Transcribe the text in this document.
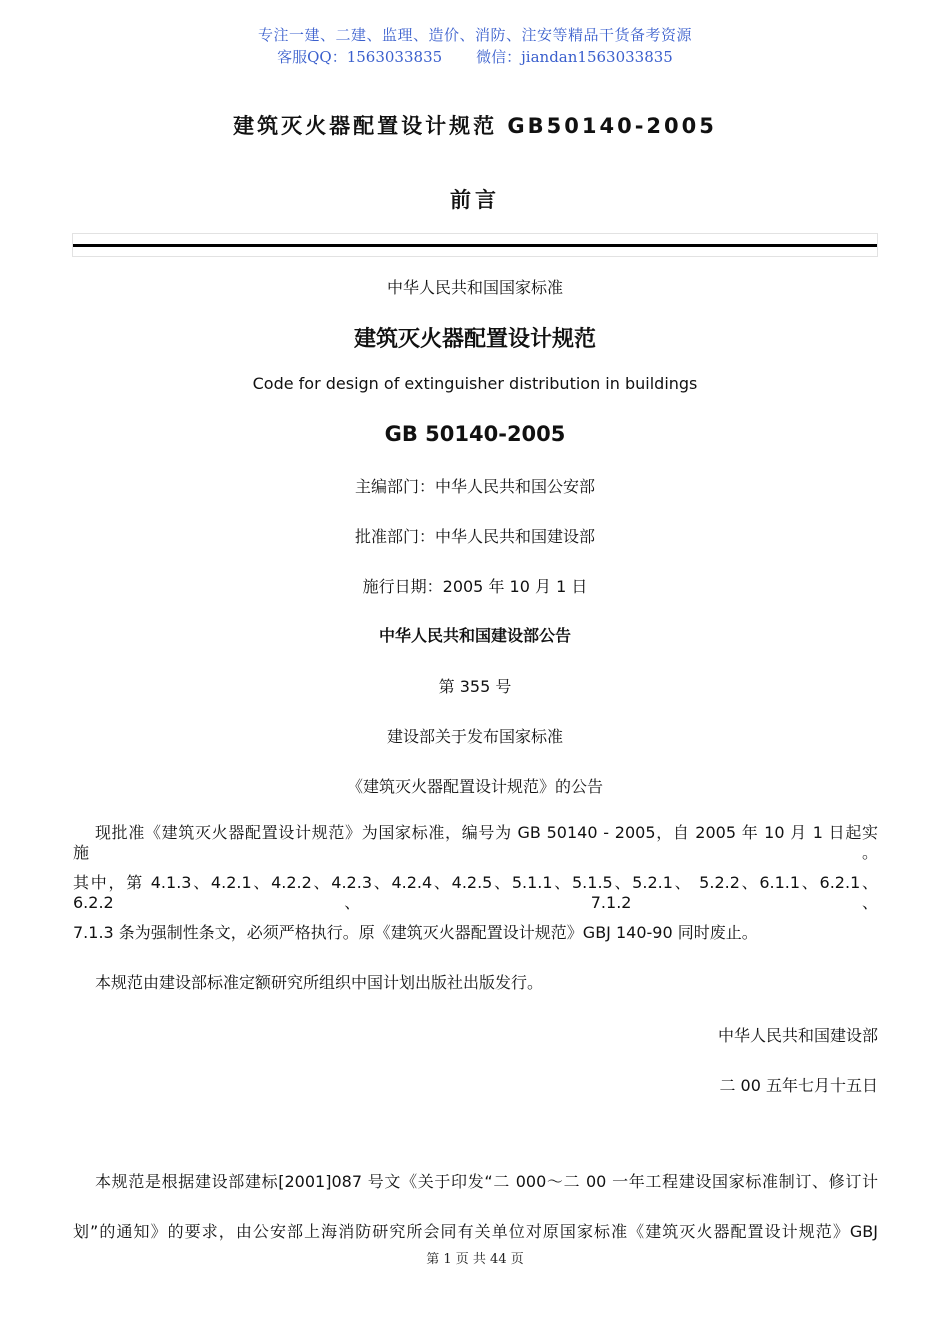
专注一建、二建、监理、造价、消防、注安等精品干货备考资源
客服QQ：1563033835 微信：jiandan1563033835
建筑灭火器配置设计规范 GB50140-2005
前言
中华人民共和国国家标准
建筑灭火器配置设计规范
Code for design of extinguisher distribution in buildings
GB 50140-2005
主编部门：中华人民共和国公安部
批准部门：中华人民共和国建设部
施行日期：2005 年 10 月 1 日
中华人民共和国建设部公告
第 355 号
建设部关于发布国家标准
《建筑灭火器配置设计规范》的公告
现批准《建筑灭火器配置设计规范》为国家标准，编号为 GB 50140 - 2005，自 2005 年 10 月 1 日起实施。
其中，第 4.1.3、4.2.1、4.2.2、4.2.3、4.2.4、4.2.5、5.1.1、5.1.5、5.2.1、 5.2.2、6.1.1、6.2.1、6.2.2、7.1.2、
7.1.3 条为强制性条文，必须严格执行。原《建筑灭火器配置设计规范》GBJ 140-90 同时废止。
本规范由建设部标准定额研究所组织中国计划出版社出版发行。
中华人民共和国建设部
二 00 五年七月十五日
本规范是根据建设部建标[2001]087 号文《关于印发“二 000～二 00 一年工程建设国家标准制订、修订计
划”的通知》的要求，由公安部上海消防研究所会同有关单位对原国家标准《建筑灭火器配置设计规范》GBJ
第 1 页 共 44 页
